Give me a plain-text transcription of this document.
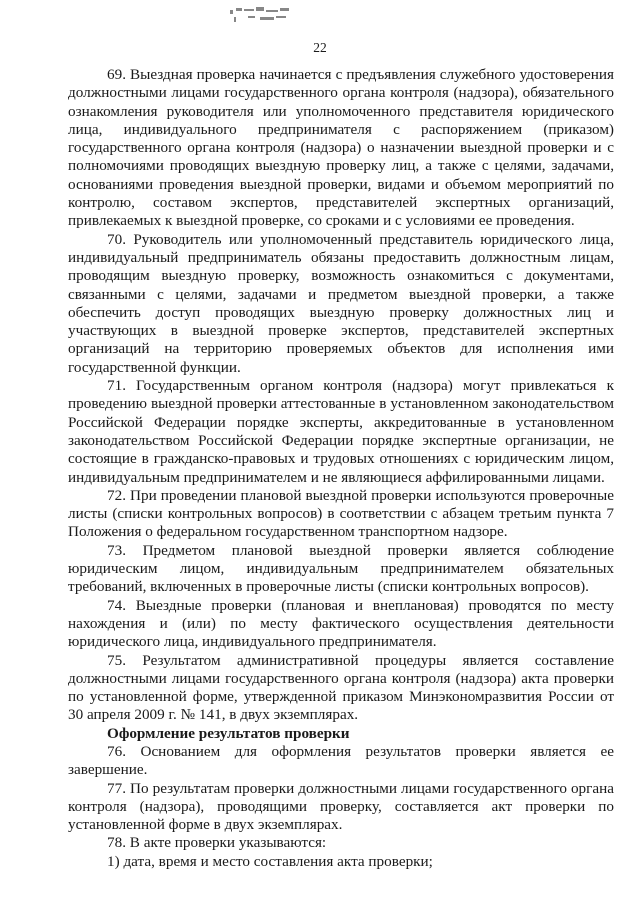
22

69. Выездная проверка начинается с предъявления служебного удостоверения должностными лицами государственного органа контроля (надзора), обязательного ознакомления руководителя или уполномоченного представителя юридического лица, индивидуального предпринимателя с распоряжением (приказом) государственного органа контроля (надзора) о назначении выездной проверки и с полномочиями проводящих выездную проверку лиц, а также с целями, задачами, основаниями проведения выездной проверки, видами и объемом мероприятий по контролю, составом экспертов, представителей экспертных организаций, привлекаемых к выездной проверке, со сроками и с условиями ее проведения.

70. Руководитель или уполномоченный представитель юридического лица, индивидуальный предприниматель обязаны предоставить должностным лицам, проводящим выездную проверку, возможность ознакомиться с документами, связанными с целями, задачами и предметом выездной проверки, а также обеспечить доступ проводящих выездную проверку должностных лиц и участвующих в выездной проверке экспертов, представителей экспертных организаций на территорию проверяемых объектов для исполнения ими государственной функции.

71. Государственным органом контроля (надзора) могут привлекаться к проведению выездной проверки аттестованные в установленном законодательством Российской Федерации порядке эксперты, аккредитованные в установленном законодательством Российской Федерации порядке экспертные организации, не состоящие в гражданско-правовых и трудовых отношениях с юридическим лицом, индивидуальным предпринимателем и не являющиеся аффилированными лицами.

72. При проведении плановой выездной проверки используются проверочные листы (списки контрольных вопросов) в соответствии с абзацем третьим пункта 7 Положения о федеральном государственном транспортном надзоре.

73. Предметом плановой выездной проверки является соблюдение юридическим лицом, индивидуальным предпринимателем обязательных требований, включенных в проверочные листы (списки контрольных вопросов).

74. Выездные проверки (плановая и внеплановая) проводятся по месту нахождения и (или) по месту фактического осуществления деятельности юридического лица, индивидуального предпринимателя.

75. Результатом административной процедуры является составление должностными лицами государственного органа контроля (надзора) акта проверки по установленной форме, утвержденной приказом Минэкономразвития России от 30 апреля 2009 г. № 141, в двух экземплярах.

Оформление результатов проверки

76. Основанием для оформления результатов проверки является ее завершение.

77. По результатам проверки должностными лицами государственного органа контроля (надзора), проводящими проверку, составляется акт проверки по установленной форме в двух экземплярах.

78. В акте проверки указываются:

1) дата, время и место составления акта проверки;
